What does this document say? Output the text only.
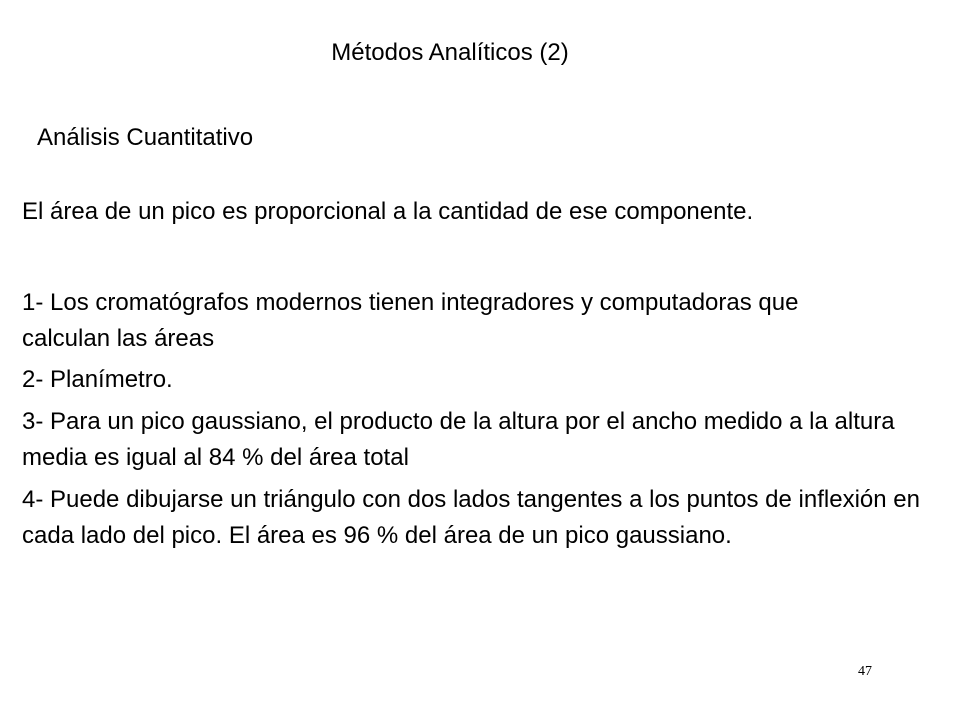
Métodos Analíticos (2)
Análisis Cuantitativo

El área de un pico es proporcional a la cantidad de ese componente.

1- Los cromatógrafos modernos tienen integradores y computadoras que calculan las áreas

2- Planímetro.

3- Para un pico gaussiano, el producto de la altura por el ancho medido a la altura media es igual al 84 % del área total

4- Puede dibujarse un triángulo con dos lados tangentes a los puntos de inflexión en cada lado del pico. El área es 96 % del área de un pico gaussiano.

47
